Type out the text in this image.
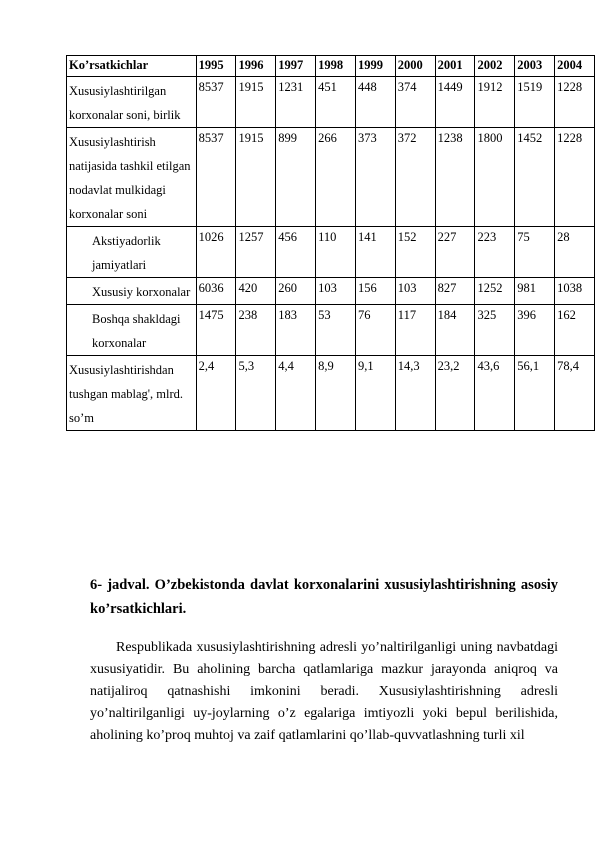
Ko’rsatkichlar	1995	1996	1997	1998	1999	2000	2001	2002	2003	2004
Xususiylashtirilgan korxonalar soni, birlik	8537	1915	1231	451	448	374	1449	1912	1519	1228
Xususiylashtirish natijasida tashkil etilgan nodavlat mulkidagi korxonalar soni	8537	1915	899	266	373	372	1238	1800	1452	1228
Akstiyadorlik jamiyatlari	1026	1257	456	110	141	152	227	223	75	28
Xususiy korxonalar	6036	420	260	103	156	103	827	1252	981	1038
Boshqa shakldagi korxonalar	1475	238	183	53	76	117	184	325	396	162
Xususiylashtirishdan tushgan mablag', mlrd. so’m	2,4	5,3	4,4	8,9	9,1	14,3	23,2	43,6	56,1	78,4
6- jadval. O’zbekistonda davlat korxonalarini xususiylashtirishning asosiy ko’rsatkichlari.

Respublikada xususiylashtirishning adresli yo’naltirilganligi uning navbatdagi xususiyatidir. Bu aholining barcha qatlamlariga mazkur jarayonda aniqroq va natijaliroq qatnashishi imkonini beradi. Xususiylashtirishning adresli yo’naltirilganligi uy-joylarning o’z egalariga imtiyozli yoki bepul berilishida, aholining ko’proq muhtoj va zaif qatlamlarini qo’llab-quvvatlashning turli xil
